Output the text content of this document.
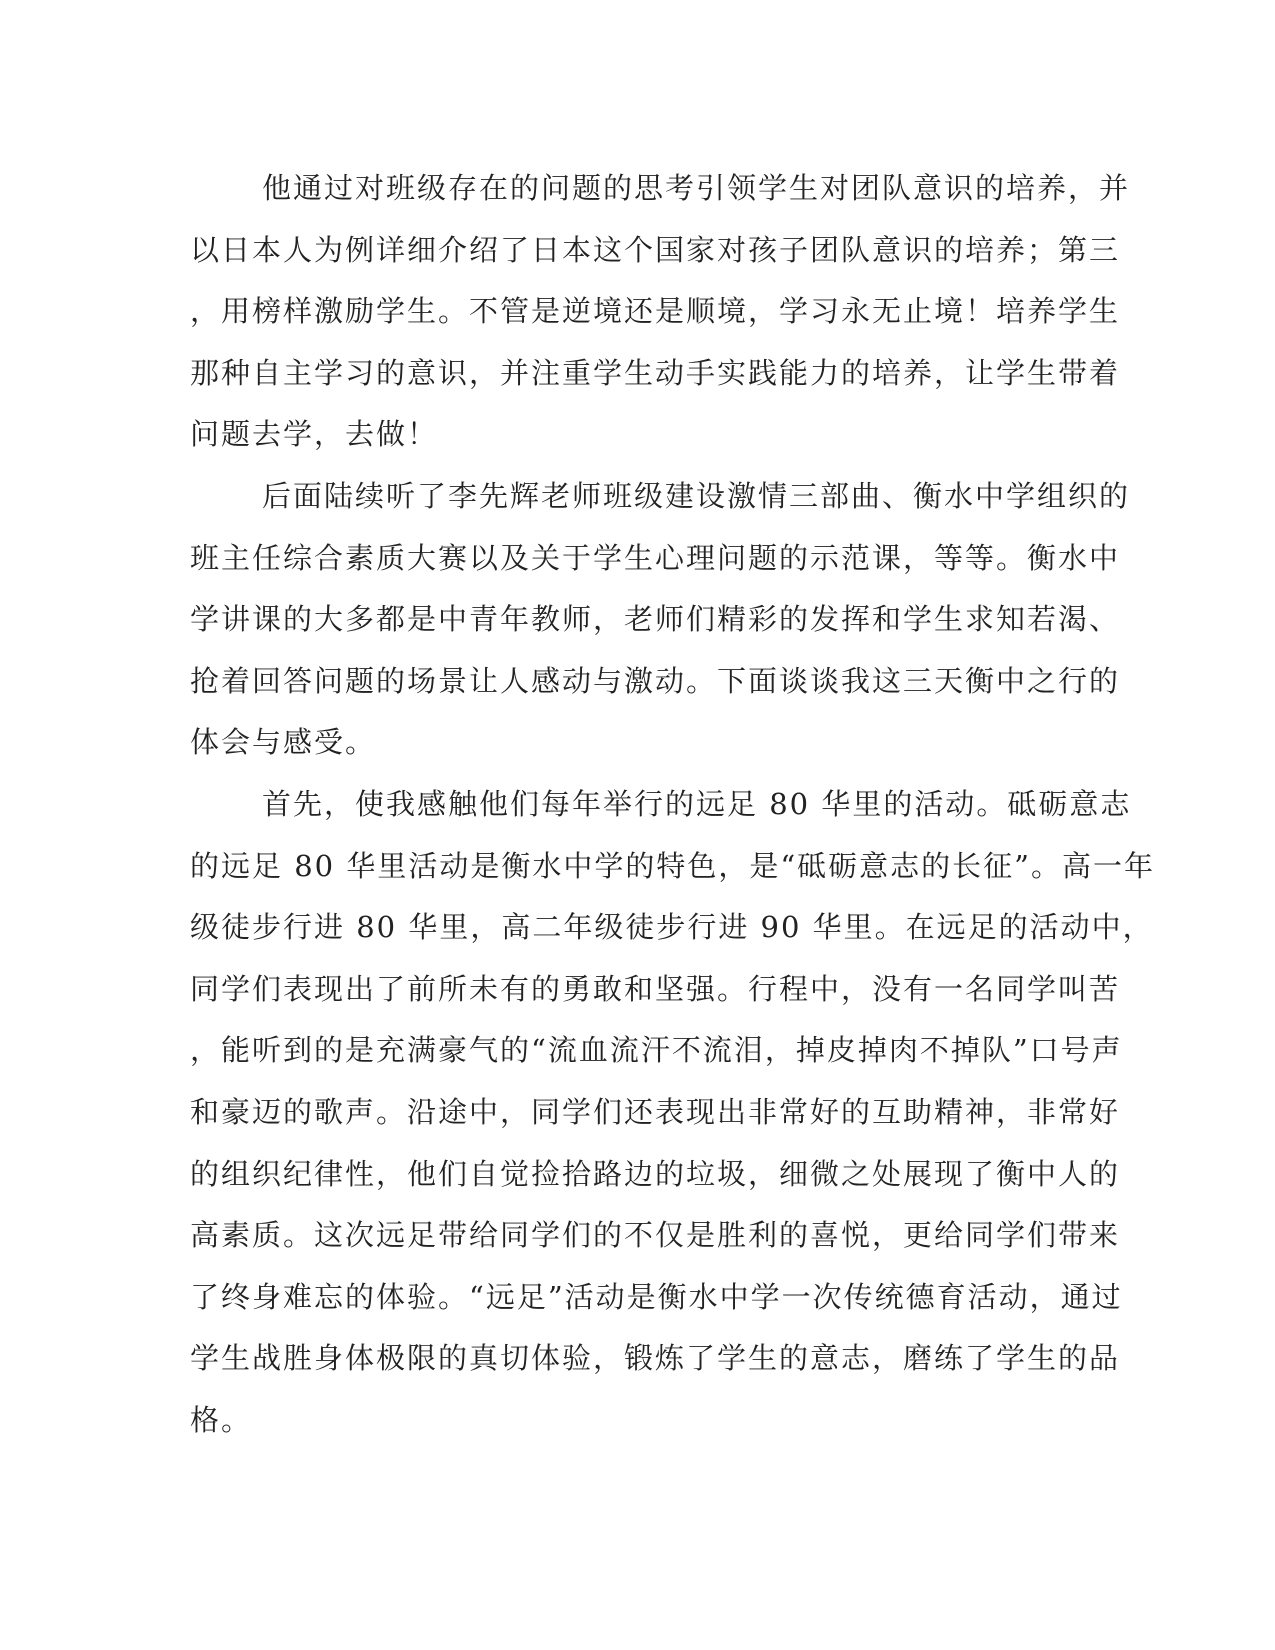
他通过对班级存在的问题的思考引领学生对团队意识的培养，并
以日本人为例详细介绍了日本这个国家对孩子团队意识的培养；第三
，用榜样激励学生。不管是逆境还是顺境，学习永无止境！培养学生
那种自主学习的意识，并注重学生动手实践能力的培养，让学生带着
问题去学，去做！
后面陆续听了李先辉老师班级建设激情三部曲、衡水中学组织的
班主任综合素质大赛以及关于学生心理问题的示范课，等等。衡水中
学讲课的大多都是中青年教师，老师们精彩的发挥和学生求知若渴、
抢着回答问题的场景让人感动与激动。下面谈谈我这三天衡中之行的
体会与感受。
首先，使我感触他们每年举行的远足 80 华里的活动。砥砺意志
的远足 80 华里活动是衡水中学的特色，是“砥砺意志的长征”。高一年
级徒步行进 80 华里，高二年级徒步行进 90 华里。在远足的活动中，
同学们表现出了前所未有的勇敢和坚强。行程中，没有一名同学叫苦
，能听到的是充满豪气的“流血流汗不流泪，掉皮掉肉不掉队”口号声
和豪迈的歌声。沿途中，同学们还表现出非常好的互助精神，非常好
的组织纪律性，他们自觉捡拾路边的垃圾，细微之处展现了衡中人的
高素质。这次远足带给同学们的不仅是胜利的喜悦，更给同学们带来
了终身难忘的体验。“远足”活动是衡水中学一次传统德育活动，通过
学生战胜身体极限的真切体验，锻炼了学生的意志，磨练了学生的品
格。
